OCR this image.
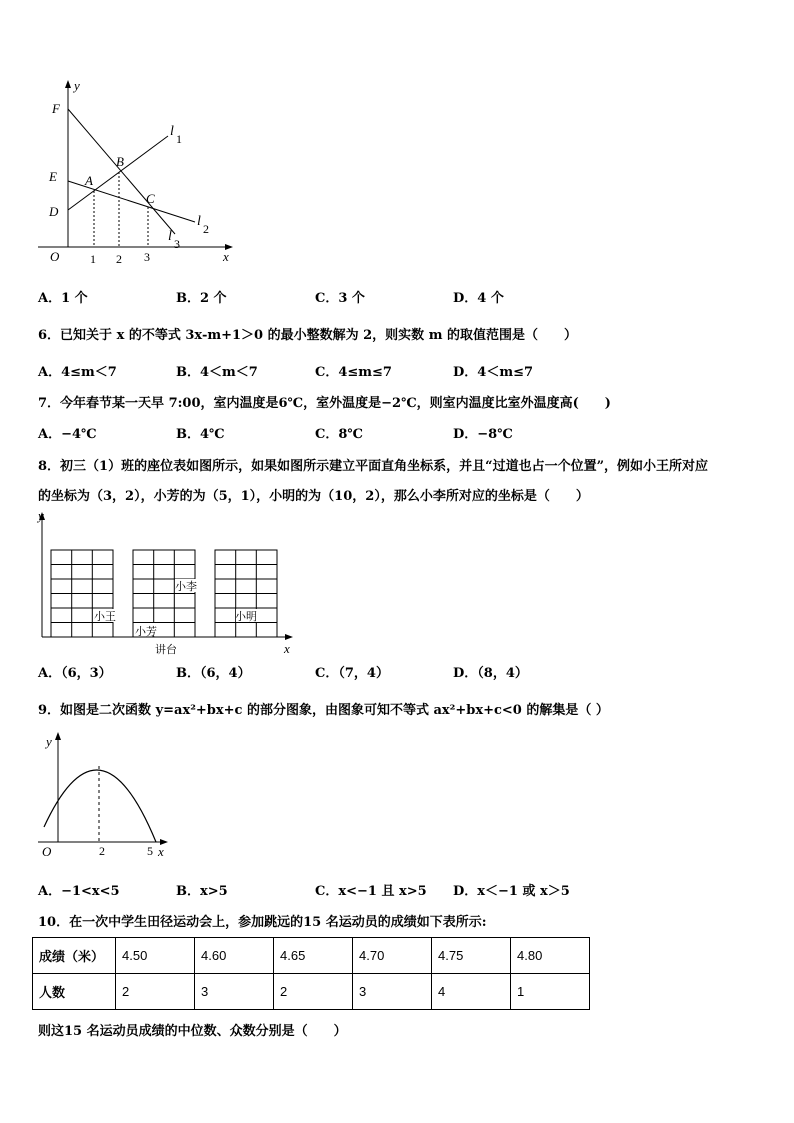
y
x
O
F
E
D
A
B
C
l 1
l 2
l 3
1 2 3
A．1 个	B．2 个	C．3 个	D．4 个
6．已知关于 x 的不等式 3x-m+1＞0 的最小整数解为 2，则实数 m 的取值范围是（　　）
A．4≤m＜7	B．4＜m＜7	C．4≤m≤7	D．4＜m≤7
7．今年春节某一天早 7:00，室内温度是6℃，室外温度是−2℃，则室内温度比室外温度高(　　)
A．−4℃	B．4℃	C．8℃	D．−8℃
8．初三（1）班的座位表如图所示，如果如图所示建立平面直角坐标系，并且“过道也占一个位置”，例如小王所对应
的坐标为（3，2），小芳的为（5，1），小明的为（10，2），那么小李所对应的坐标是（　　）
y
x
小王
小芳
小李
小明
讲台
A．（6，3）	B．（6，4）	C．（7，4）	D．（8，4）
9．如图是二次函数 y=ax²+bx+c 的部分图象，由图象可知不等式 ax²+bx+c<0 的解集是（ ）
y
x
O	2	5
A．−1<x<5	B．x>5	C．x<−1 且 x>5 D．x＜−1 或 x＞5
10．在一次中学生田径运动会上，参加跳远的15 名运动员的成绩如下表所示:
成绩（米）	4.50	4.60	4.65	4.70	4.75	4.80
人数	2	3	2	3	4	1
则这15 名运动员成绩的中位数、众数分别是（　　）
